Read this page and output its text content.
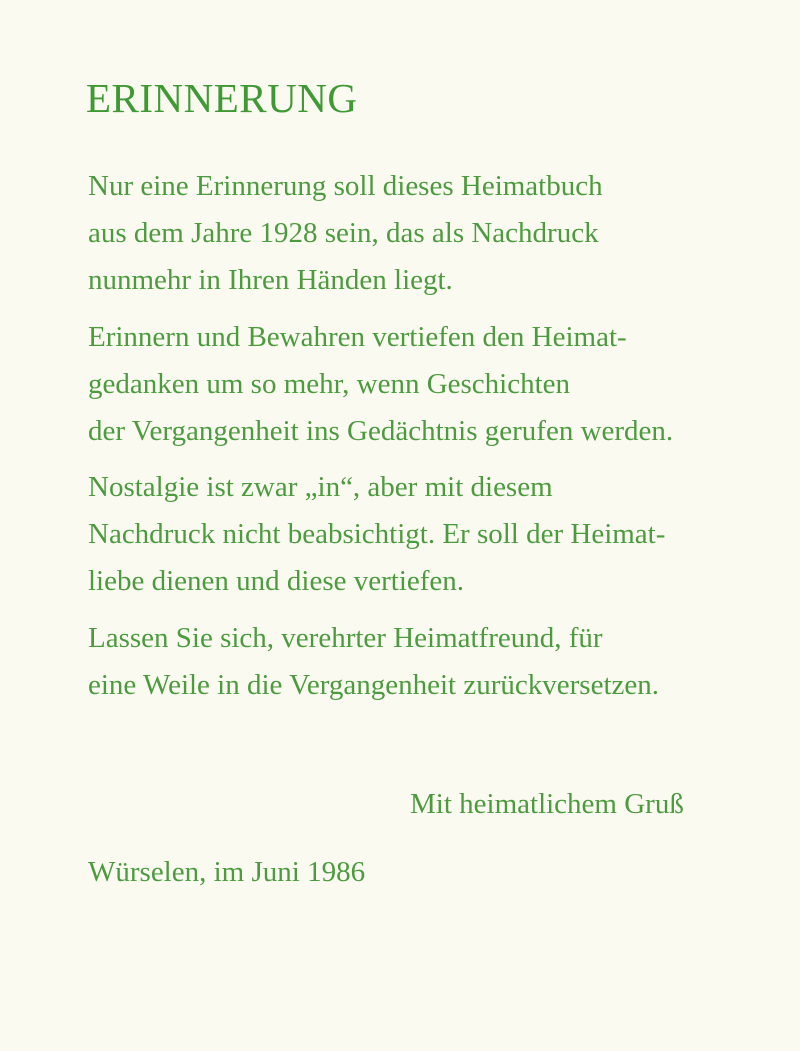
ERINNERUNG
Nur eine Erinnerung soll dieses Heimatbuch
aus dem Jahre 1928 sein, das als Nachdruck
nunmehr in Ihren Händen liegt.
Erinnern und Bewahren vertiefen den Heimat-
gedanken um so mehr, wenn Geschichten
der Vergangenheit ins Gedächtnis gerufen werden.
Nostalgie ist zwar „in“, aber mit diesem
Nachdruck nicht beabsichtigt. Er soll der Heimat-
liebe dienen und diese vertiefen.
Lassen Sie sich, verehrter Heimatfreund, für
eine Weile in die Vergangenheit zurückversetzen.
Mit heimatlichem Gruß
Würselen, im Juni 1986
